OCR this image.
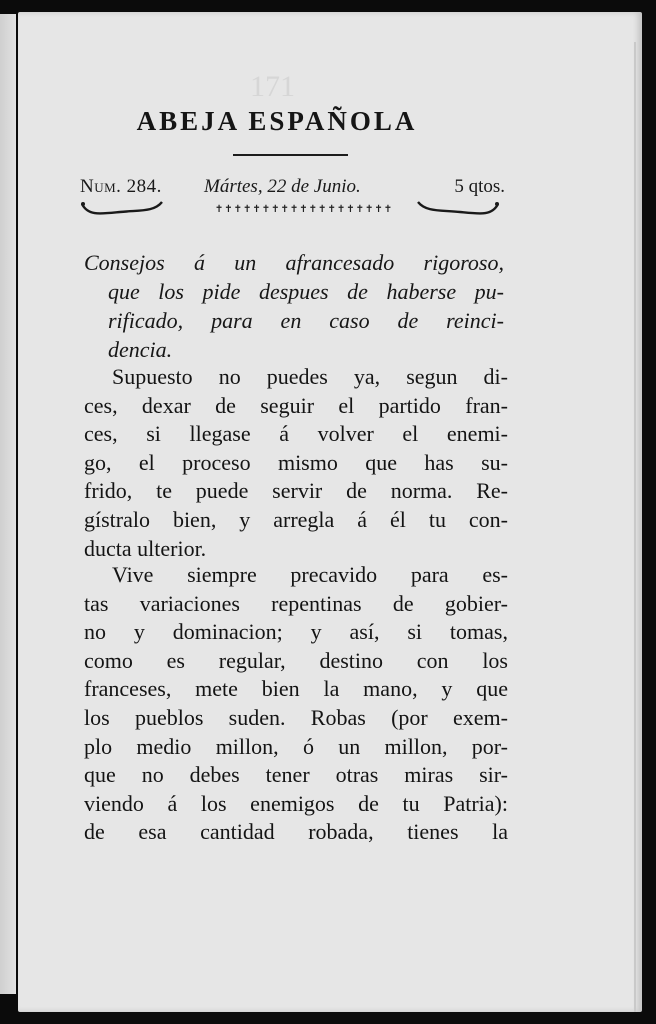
171
ABEJA ESPAÑOLA
Num. 284. Mártes, 22 de Junio.	5 qtos.
✝✝✝✝✝✝✝✝✝✝✝✝✝✝✝✝✝✝✝
Consejos á un afrancesado rigoroso,
que los pide despues de haberse pu-
rificado, para en caso de reinci-
dencia.
Supuesto no puedes ya, segun di-
ces, dexar de seguir el partido fran-
ces, si llegase á volver el enemi-
go, el proceso mismo que has su-
frido, te puede servir de norma. Re-
gístralo bien, y arregla á él tu con-
ducta ulterior.
Vive siempre precavido para es-
tas variaciones repentinas de gobier-
no y dominacion; y así, si tomas,
como es regular, destino con los
franceses, mete bien la mano, y que
los pueblos suden. Robas (por exem-
plo medio millon, ó un millon, por-
que no debes tener otras miras sir-
viendo á los enemigos de tu Patria):
de esa cantidad robada, tienes la
